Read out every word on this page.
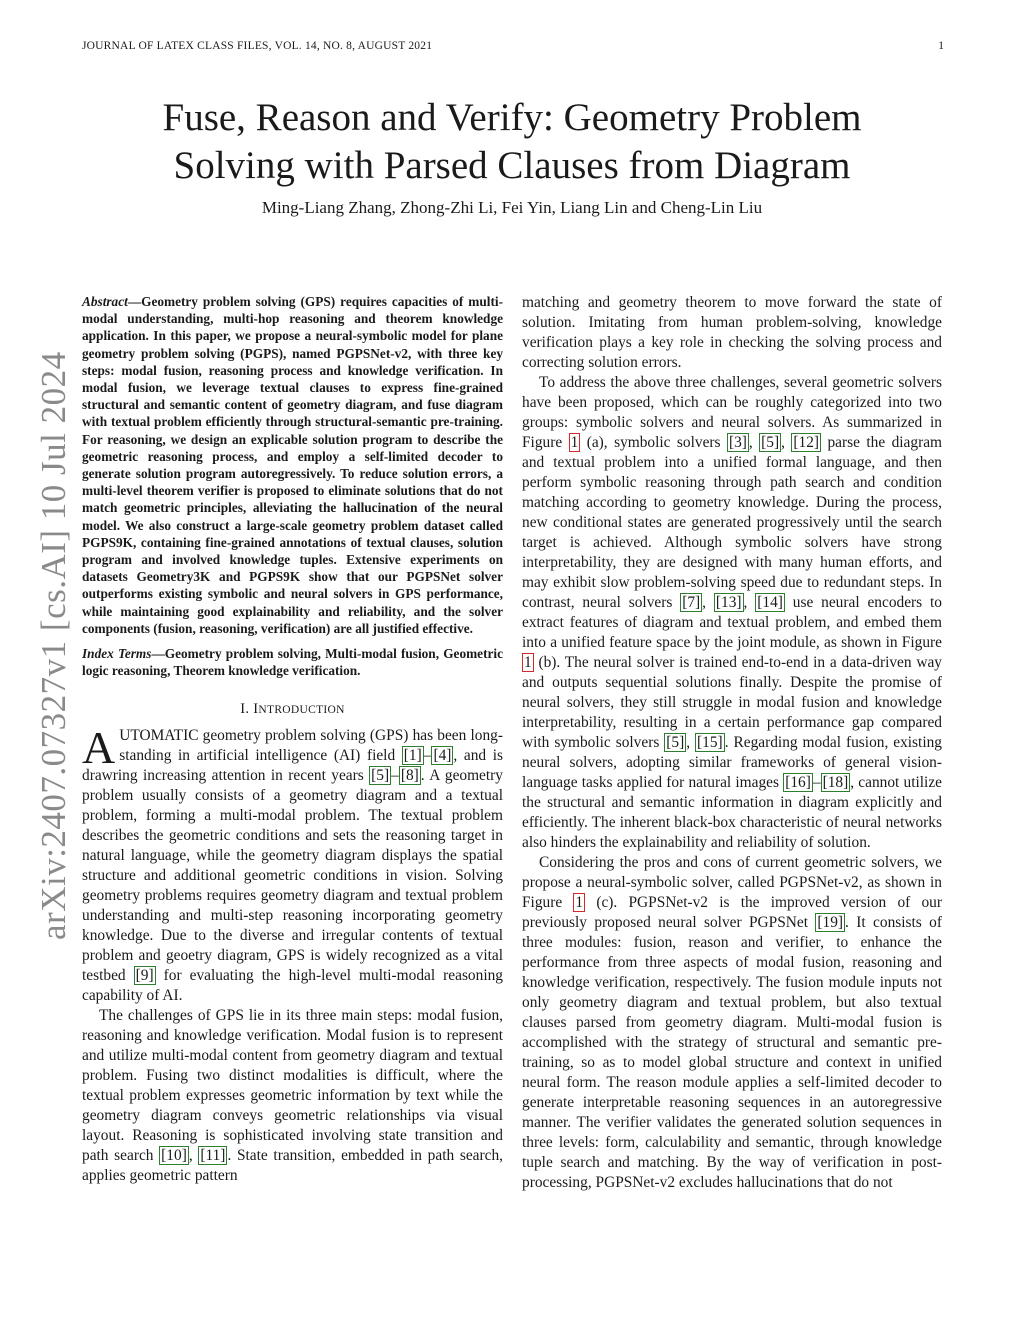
JOURNAL OF LATEX CLASS FILES, VOL. 14, NO. 8, AUGUST 2021	1
Fuse, Reason and Verify: Geometry Problem
Solving with Parsed Clauses from Diagram
Ming-Liang Zhang, Zhong-Zhi Li, Fei Yin, Liang Lin and Cheng-Lin Liu
arXiv:2407.07327v1 [cs.AI] 10 Jul 2024

Abstract—Geometry problem solving (GPS) requires capacities of multi-modal understanding, multi-hop reasoning and theorem knowledge application. In this paper, we propose a neural-symbolic model for plane geometry problem solving (PGPS), named PGPSNet-v2, with three key steps: modal fusion, reasoning process and knowledge verification. In modal fusion, we leverage textual clauses to express fine-grained structural and semantic content of geometry diagram, and fuse diagram with textual problem efficiently through structural-semantic pre-training. For reasoning, we design an explicable solution program to describe the geometric reasoning process, and employ a self-limited decoder to generate solution program autoregressively. To reduce solution errors, a multi-level theorem verifier is proposed to eliminate solutions that do not match geometric principles, alleviating the hallucination of the neural model. We also construct a large-scale geometry problem dataset called PGPS9K, containing fine-grained annotations of textual clauses, solution program and involved knowledge tuples. Extensive experiments on datasets Geometry3K and PGPS9K show that our PGPSNet solver outperforms existing symbolic and neural solvers in GPS performance, while maintaining good explainability and reliability, and the solver components (fusion, reasoning, verification) are all justified effective.

Index Terms—Geometry problem solving, Multi-modal fusion, Geometric logic reasoning, Theorem knowledge verification.

I. INTRODUCTION

AUTOMATIC geometry problem solving (GPS) has been long-standing in artificial intelligence (AI) field [1] – [4] , and is drawring increasing attention in recent years [5] – [8] . A geometry problem usually consists of a geometry diagram and a textual problem, forming a multi-modal problem. The textual problem describes the geometric conditions and sets the reasoning target in natural language, while the geometry diagram displays the spatial structure and additional geometric conditions in vision. Solving geometry problems requires geometry diagram and textual problem understanding and multi-step reasoning incorporating geometry knowledge. Due to the diverse and irregular contents of textual problem and geoetry diagram, GPS is widely recognized as a vital testbed [9] for evaluating the high-level multi-modal reasoning capability of AI.

The challenges of GPS lie in its three main steps: modal fusion, reasoning and knowledge verification. Modal fusion is to represent and utilize multi-modal content from geometry diagram and textual problem. Fusing two distinct modalities is difficult, where the textual problem expresses geometric information by text while the geometry diagram conveys geometric relationships via visual layout. Reasoning is sophisticated involving state transition and path search [10] , [11] . State transition, embedded in path search, applies geometric pattern

matching and geometry theorem to move forward the state of solution. Imitating from human problem-solving, knowledge verification plays a key role in checking the solving process and correcting solution errors.

To address the above three challenges, several geometric solvers have been proposed, which can be roughly categorized into two groups: symbolic solvers and neural solvers. As summarized in Figure 1 (a), symbolic solvers [3] , [5] , [12] parse the diagram and textual problem into a unified formal language, and then perform symbolic reasoning through path search and condition matching according to geometry knowledge. During the process, new conditional states are generated progressively until the search target is achieved. Although symbolic solvers have strong interpretability, they are designed with many human efforts, and may exhibit slow problem-solving speed due to redundant steps. In contrast, neural solvers [7] , [13] , [14] use neural encoders to extract features of diagram and textual problem, and embed them into a unified feature space by the joint module, as shown in Figure 1 (b). The neural solver is trained end-to-end in a data-driven way and outputs sequential solutions finally. Despite the promise of neural solvers, they still struggle in modal fusion and knowledge interpretability, resulting in a certain performance gap compared with symbolic solvers [5] , [15] . Regarding modal fusion, existing neural solvers, adopting similar frameworks of general vision-language tasks applied for natural images [16] – [18] , cannot utilize the structural and semantic information in diagram explicitly and efficiently. The inherent black-box characteristic of neural networks also hinders the explainability and reliability of solution.

Considering the pros and cons of current geometric solvers, we propose a neural-symbolic solver, called PGPSNet-v2, as shown in Figure 1 (c). PGPSNet-v2 is the improved version of our previously proposed neural solver PGPSNet [19] . It consists of three modules: fusion, reason and verifier, to enhance the performance from three aspects of modal fusion, reasoning and knowledge verification, respectively. The fusion module inputs not only geometry diagram and textual problem, but also textual clauses parsed from geometry diagram. Multi-modal fusion is accomplished with the strategy of structural and semantic pre-training, so as to model global structure and context in unified neural form. The reason module applies a self-limited decoder to generate interpretable reasoning sequences in an autoregressive manner. The verifier validates the generated solution sequences in three levels: form, calculability and semantic, through knowledge tuple search and matching. By the way of verification in post-processing, PGPSNet-v2 excludes hallucinations that do not
